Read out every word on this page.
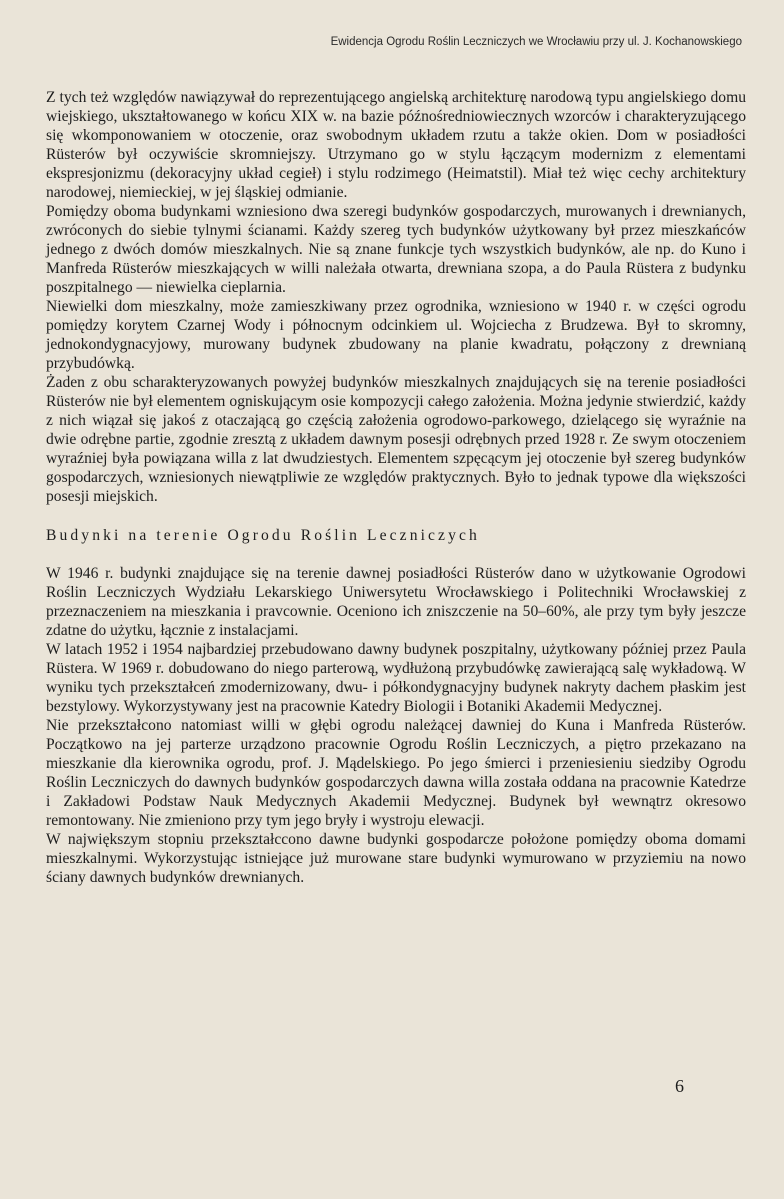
Ewidencja Ogrodu Roślin Leczniczych we Wrocławiu przy ul. J. Kochanowskiego

Z tych też względów nawiązywał do reprezentującego angielską architekturę narodową typu angielskiego domu wiejskiego, ukształtowanego w końcu XIX w. na bazie późnośredniowiecznych wzorców i charakteryzującego się wkomponowaniem w otoczenie, oraz swobodnym układem rzutu a także okien. Dom w posiadłości Rüsterów był oczywiście skromniejszy. Utrzymano go w stylu łączącym modernizm z elementami ekspresjonizmu (dekoracyjny układ cegieł) i stylu rodzimego (Heimatstil). Miał też więc cechy architektury narodowej, niemieckiej, w jej śląskiej odmianie.

Pomiędzy oboma budynkami wzniesiono dwa szeregi budynków gospodarczych, murowanych i drewnianych, zwróconych do siebie tylnymi ścianami. Każdy szereg tych budynków użytkowany był przez mieszkańców jednego z dwóch domów mieszkalnych. Nie są znane funkcje tych wszystkich budynków, ale np. do Kuno i Manfreda Rüsterów mieszkających w willi należała otwarta, drewniana szopa, a do Paula Rüstera z budynku poszpitalnego — niewielka cieplarnia.

Niewielki dom mieszkalny, może zamieszkiwany przez ogrodnika, wzniesiono w 1940 r. w części ogrodu pomiędzy korytem Czarnej Wody i północnym odcinkiem ul. Wojciecha z Brudzewa. Był to skromny, jednokondygnacyjowy, murowany budynek zbudowany na planie kwadratu, połączony z drewnianą przybudówką.

Żaden z obu scharakteryzowanych powyżej budynków mieszkalnych znajdujących się na terenie posiadłości Rüsterów nie był elementem ogniskującym osie kompozycji całego założenia. Można jedynie stwierdzić, każdy z nich wiązał się jakoś z otaczającą go częścią założenia ogrodowo-parkowego, dzielącego się wyraźnie na dwie odrębne partie, zgodnie zresztą z układem dawnym posesji odrębnych przed 1928 r. Ze swym otoczeniem wyraźniej była powiązana willa z lat dwudziestych. Elementem szpęcącym jej otoczenie był szereg budynków gospodarczych, wzniesionych niewątpliwie ze względów praktycznych. Było to jednak typowe dla większości posesji miejskich.

Budynki na terenie Ogrodu Roślin Leczniczych

W 1946 r. budynki znajdujące się na terenie dawnej posiadłości Rüsterów dano w użytkowanie Ogrodowi Roślin Leczniczych Wydziału Lekarskiego Uniwersytetu Wrocławskiego i Politechniki Wrocławskiej z przeznaczeniem na mieszkania i pravcownie. Oceniono ich zniszczenie na 50–60%, ale przy tym były jeszcze zdatne do użytku, łącznie z instalacjami.

W latach 1952 i 1954 najbardziej przebudowano dawny budynek poszpitalny, użytkowany później przez Paula Rüstera. W 1969 r. dobudowano do niego parterową, wydłużoną przybudówkę zawierającą salę wykładową. W wyniku tych przekształceń zmodernizowany, dwu- i półkondygnacyjny budynek nakryty dachem płaskim jest bezstylowy. Wykorzystywany jest na pracownie Katedry Biologii i Botaniki Akademii Medycznej.

Nie przekształcono natomiast willi w głębi ogrodu należącej dawniej do Kuna i Manfreda Rüsterów. Początkowo na jej parterze urządzono pracownie Ogrodu Roślin Leczniczych, a piętro przekazano na mieszkanie dla kierownika ogrodu, prof. J. Mądelskiego. Po jego śmierci i przeniesieniu siedziby Ogrodu Roślin Leczniczych do dawnych budynków gospodarczych dawna willa została oddana na pracownie Katedrze i Zakładowi Podstaw Nauk Medycznych Akademii Medycznej. Budynek był wewnątrz okresowo remontowany. Nie zmieniono przy tym jego bryły i wystroju elewacji.

W największym stopniu przekształccono dawne budynki gospodarcze położone pomiędzy oboma domami mieszkalnymi. Wykorzystując istniejące już murowane stare budynki wymurowano w przyziemiu na nowo ściany dawnych budynków drewnianych.

6
